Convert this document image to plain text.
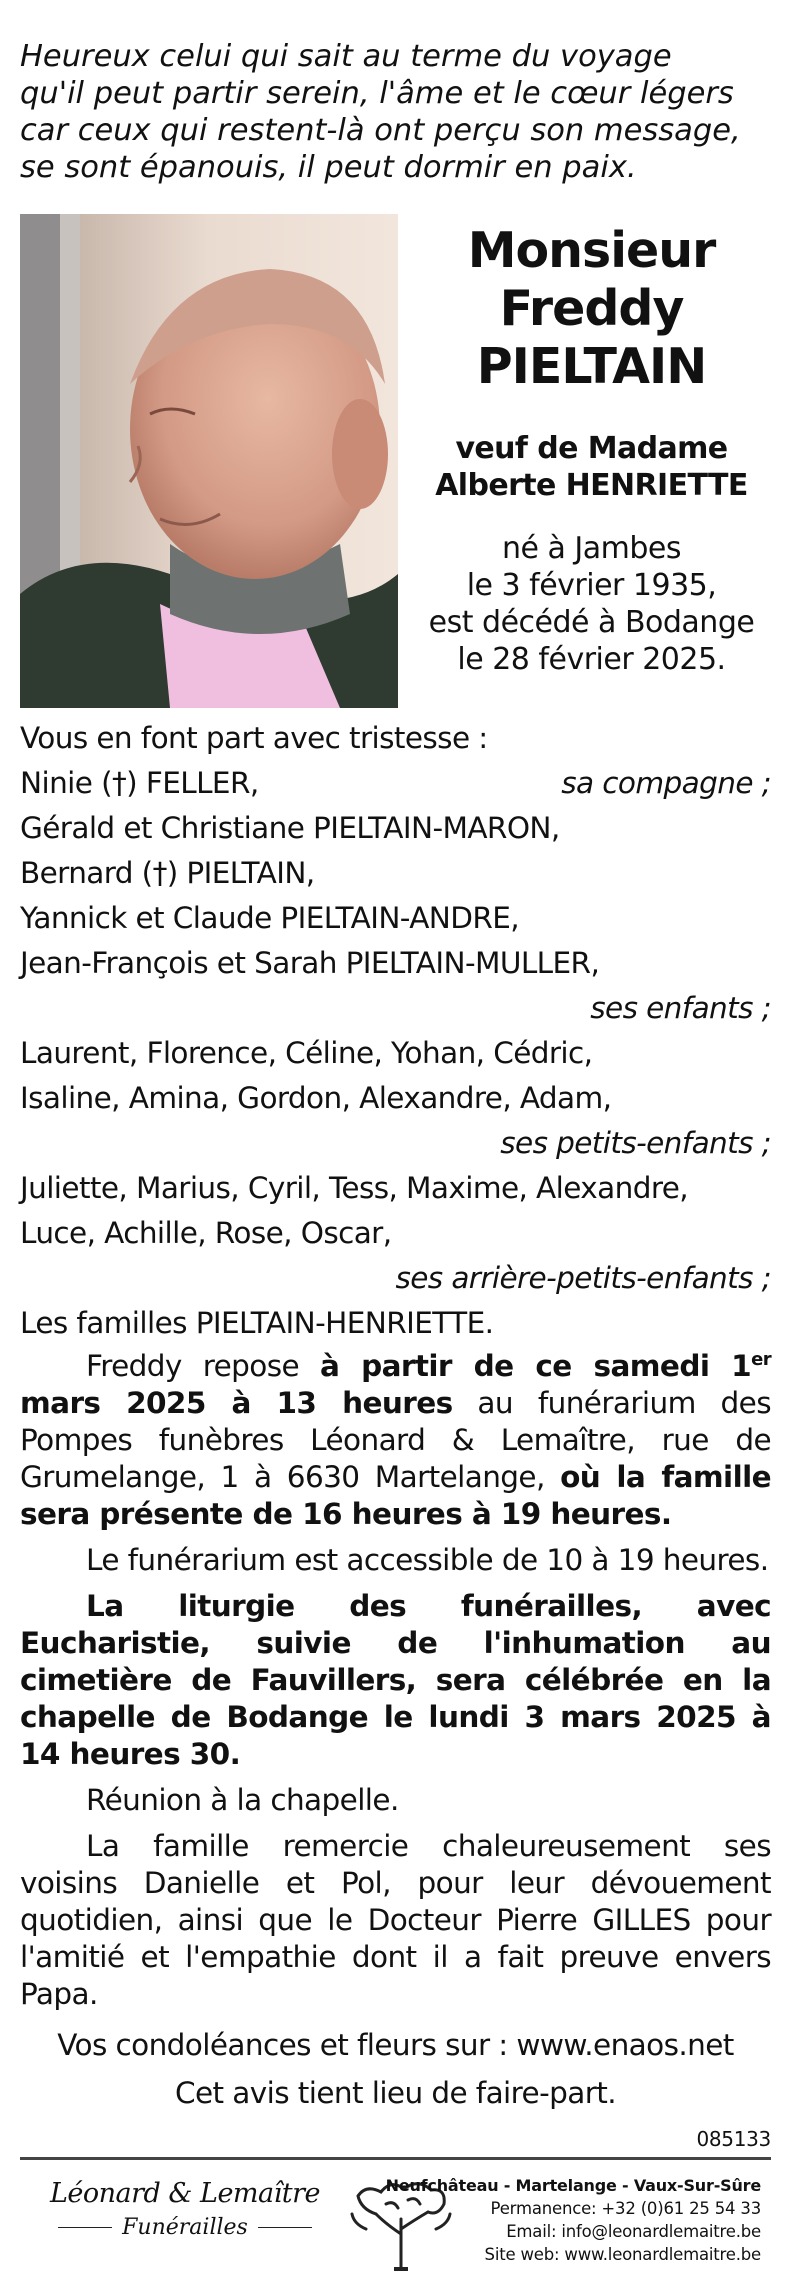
Heureux celui qui sait au terme du voyage
qu'il peut partir serein, l'âme et le cœur légers
car ceux qui restent-là ont perçu son message,
se sont épanouis, il peut dormir en paix.
Monsieur
Freddy
PIELTAIN
veuf de Madame
Alberte HENRIETTE
né à Jambes
le 3 février 1935,
est décédé à Bodange
le 28 février 2025.
Vous en font part avec tristesse :
Ninie (†) FELLER,	sa compagne ;
Gérald et Christiane PIELTAIN-MARON,
Bernard (†) PIELTAIN,
Yannick et Claude PIELTAIN-ANDRE,
Jean-François et Sarah PIELTAIN-MULLER,
ses enfants ;
Laurent, Florence, Céline, Yohan, Cédric,
Isaline, Amina, Gordon, Alexandre, Adam,
ses petits-enfants ;
Juliette, Marius, Cyril, Tess, Maxime, Alexandre,
Luce, Achille, Rose, Oscar,
ses arrière-petits-enfants ;
Les familles PIELTAIN-HENRIETTE.

Freddy repose à partir de ce samedi 1er mars 2025 à 13 heures au funérarium des Pompes funèbres Léonard & Lemaître, rue de Grumelange, 1 à 6630 Martelange, où la famille sera présente de 16 heures à 19 heures.

Le funérarium est accessible de 10 à 19 heures.

La liturgie des funérailles, avec Eucharistie, suivie de l'inhumation au cimetière de Fauvillers, sera célébrée en la chapelle de Bodange le lundi 3 mars 2025 à 14 heures 30.

Réunion à la chapelle.

La famille remercie chaleureusement ses voisins Danielle et Pol, pour leur dévouement quotidien, ainsi que le Docteur Pierre GILLES pour l'amitié et l'empathie dont il a fait preuve envers Papa.

Vos condoléances et fleurs sur : www.enaos.net
Cet avis tient lieu de faire-part.
085133
Léonard & Lemaître
Funérailles
Neufchâteau - Martelange - Vaux-Sur-Sûre
Permanence: +32 (0)61 25 54 33
Email: info@leonardlemaitre.be
Site web: www.leonardlemaitre.be
